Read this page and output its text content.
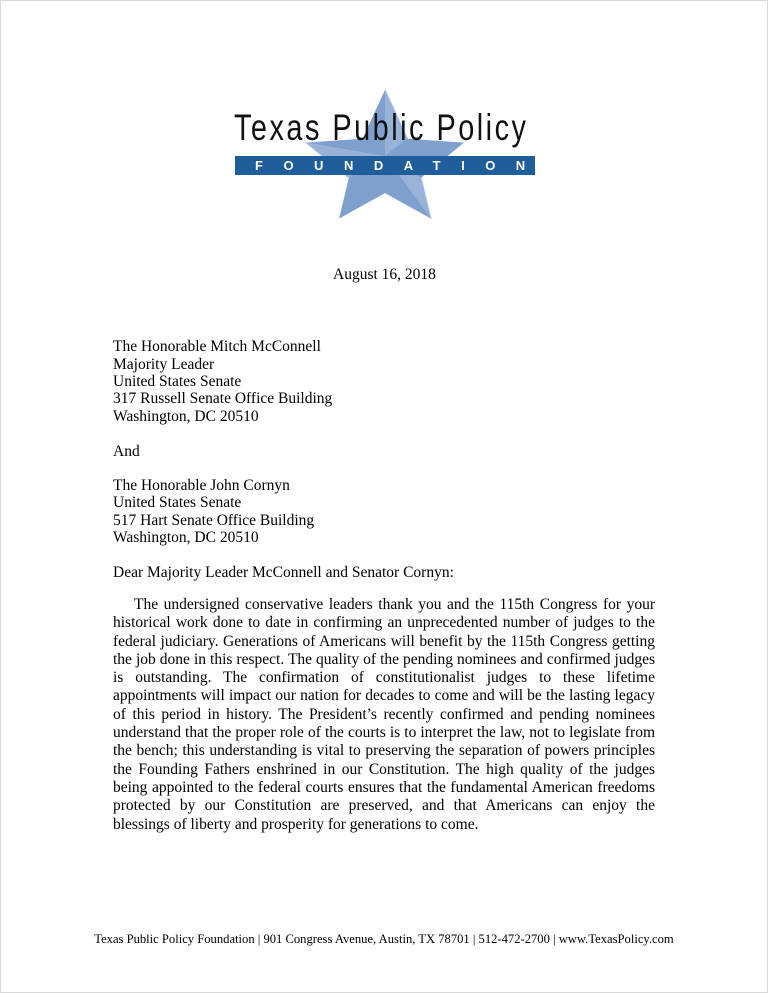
Texas Public Policy
FOUNDATION
August 16, 2018
The Honorable Mitch McConnell
Majority Leader
United States Senate
317 Russell Senate Office Building
Washington, DC 20510
And
The Honorable John Cornyn
United States Senate
517 Hart Senate Office Building
Washington, DC 20510
Dear Majority Leader McConnell and Senator Cornyn:
The undersigned conservative leaders thank you and the 115th Congress for your historical work done to date in confirming an unprecedented number of judges to the federal judiciary. Generations of Americans will benefit by the 115th Congress getting the job done in this respect. The quality of the pending nominees and confirmed judges is outstanding. The confirmation of constitutionalist judges to these lifetime appointments will impact our nation for decades to come and will be the lasting legacy of this period in history. The President’s recently confirmed and pending nominees understand that the proper role of the courts is to interpret the law, not to legislate from the bench; this understanding is vital to preserving the separation of powers principles the Founding Fathers enshrined in our Constitution. The high quality of the judges being appointed to the federal courts ensures that the fundamental American freedoms protected by our Constitution are preserved, and that Americans can enjoy the blessings of liberty and prosperity for generations to come.
Texas Public Policy Foundation | 901 Congress Avenue, Austin, TX 78701 | 512-472-2700 | www.TexasPolicy.com
